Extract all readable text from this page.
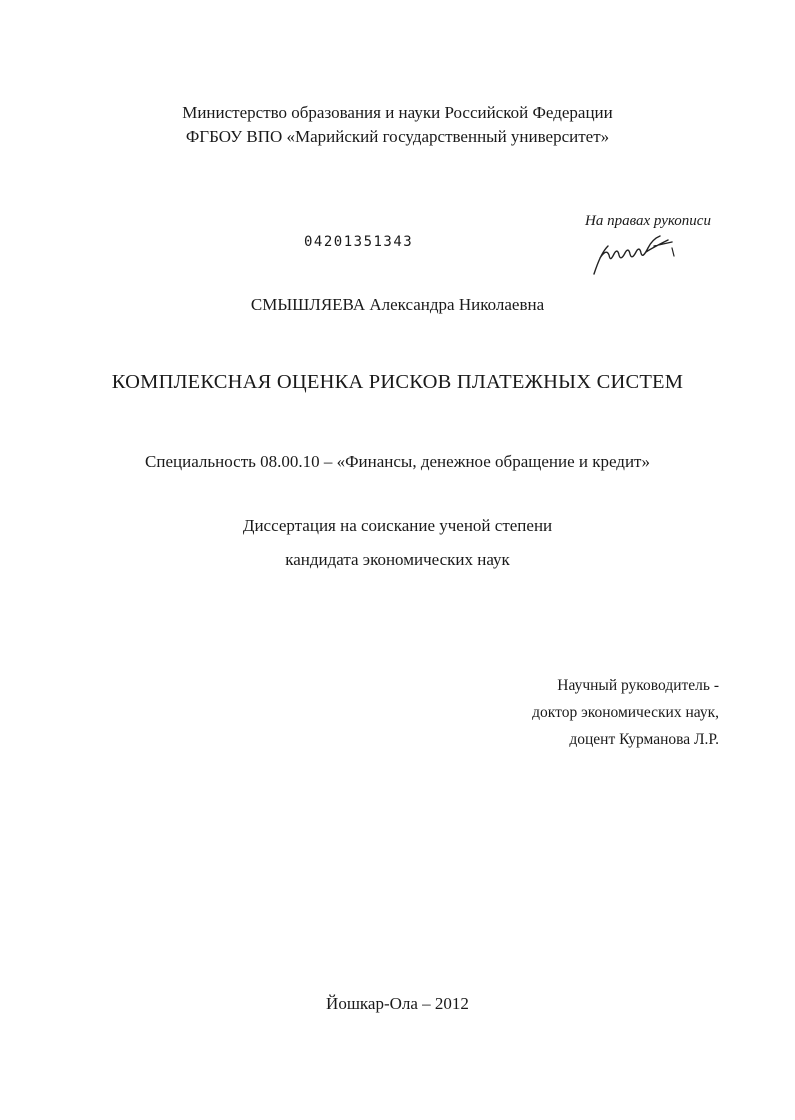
Министерство образования и науки Российской Федерации
ФГБОУ ВПО «Марийский государственный университет»
04201351343
На правах рукописи
СМЫШЛЯЕВА Александра Николаевна
КОМПЛЕКСНАЯ ОЦЕНКА РИСКОВ ПЛАТЕЖНЫХ СИСТЕМ
Специальность 08.00.10 – «Финансы, денежное обращение и кредит»
Диссертация на соискание ученой степени
кандидата экономических наук
Научный руководитель -
доктор экономических наук,
доцент Курманова Л.Р.
Йошкар-Ола – 2012
